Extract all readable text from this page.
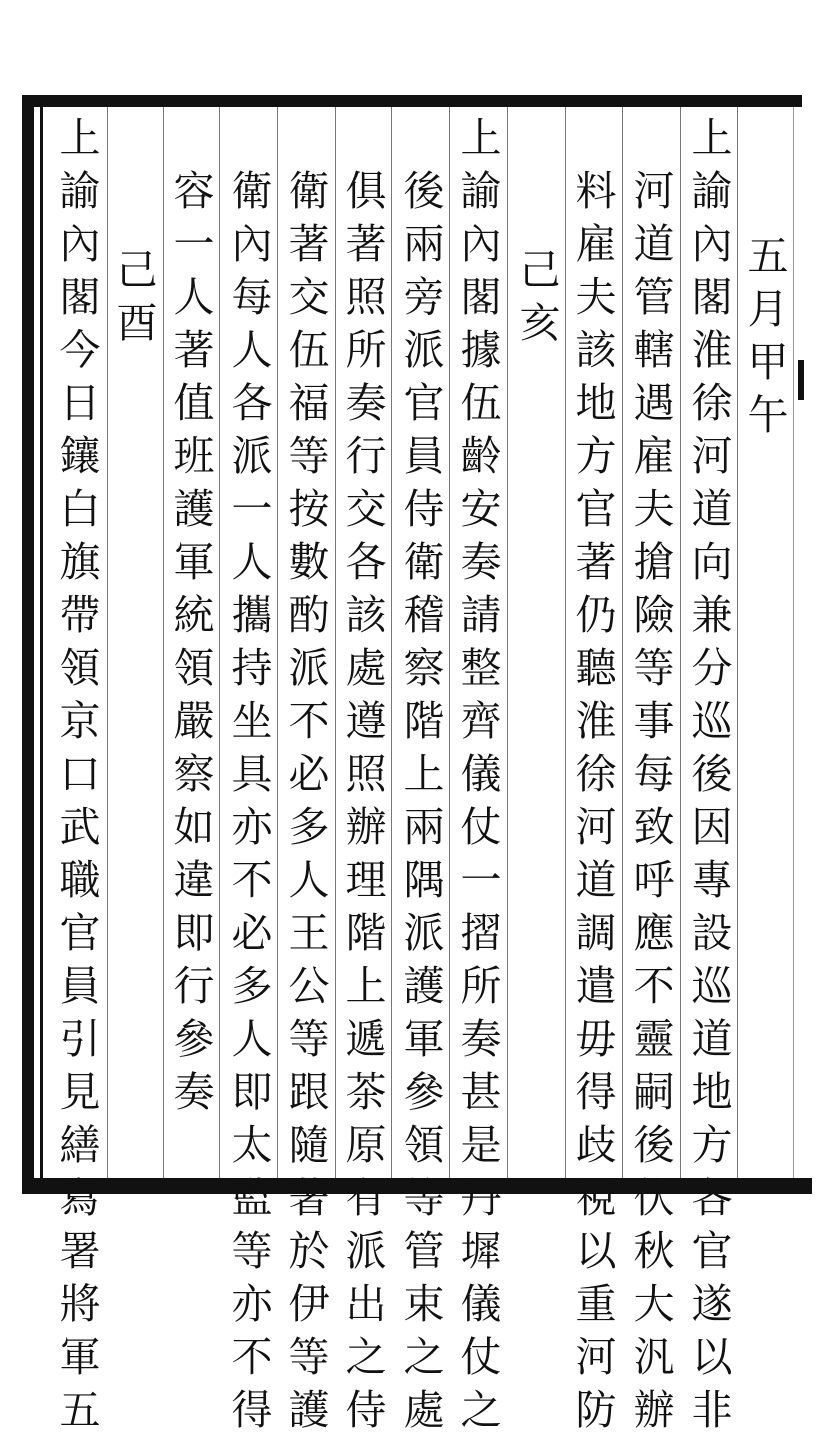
五
月
甲
午
上
諭
內
閣
淮
徐
河
道
向
兼
分
巡
後
因
專
設
巡
道
地
方
各
官
遂
以
非
河
道
管
轄
遇
雇
夫
搶
險
等
事
每
致
呼
應
不
靈
嗣
後
伏
秋
大
汎
辦
料
雇
夫
該
地
方
官
著
仍
聽
淮
徐
河
道
調
遣
毋
得
歧
視
以
重
河
防
己
亥
上
諭
內
閣
據
伍
齡
安
奏
請
整
齊
儀
仗
一
摺
所
奏
甚
是
丹
墀
儀
仗
之
後
兩
旁
派
官
員
侍
衛
稽
察
階
上
兩
隅
派
護
軍
參
領
等
管
束
之
處
俱
著
照
所
奏
行
交
各
該
處
遵
照
辦
理
階
上
遞
茶
原
有
派
出
之
侍
衛
著
交
伍
福
等
按
數
酌
派
不
必
多
人
王
公
等
跟
隨
著
於
伊
等
護
衛
內
每
人
各
派
一
人
攜
持
坐
具
亦
不
必
多
人
即
太
監
等
亦
不
得
容
一
人
著
值
班
護
軍
統
領
嚴
察
如
違
即
行
參
奏
己
酉
上
諭
內
閣
今
日
鑲
白
旗
帶
領
京
口
武
職
官
員
引
見
繕
寫
署
將
軍
五
